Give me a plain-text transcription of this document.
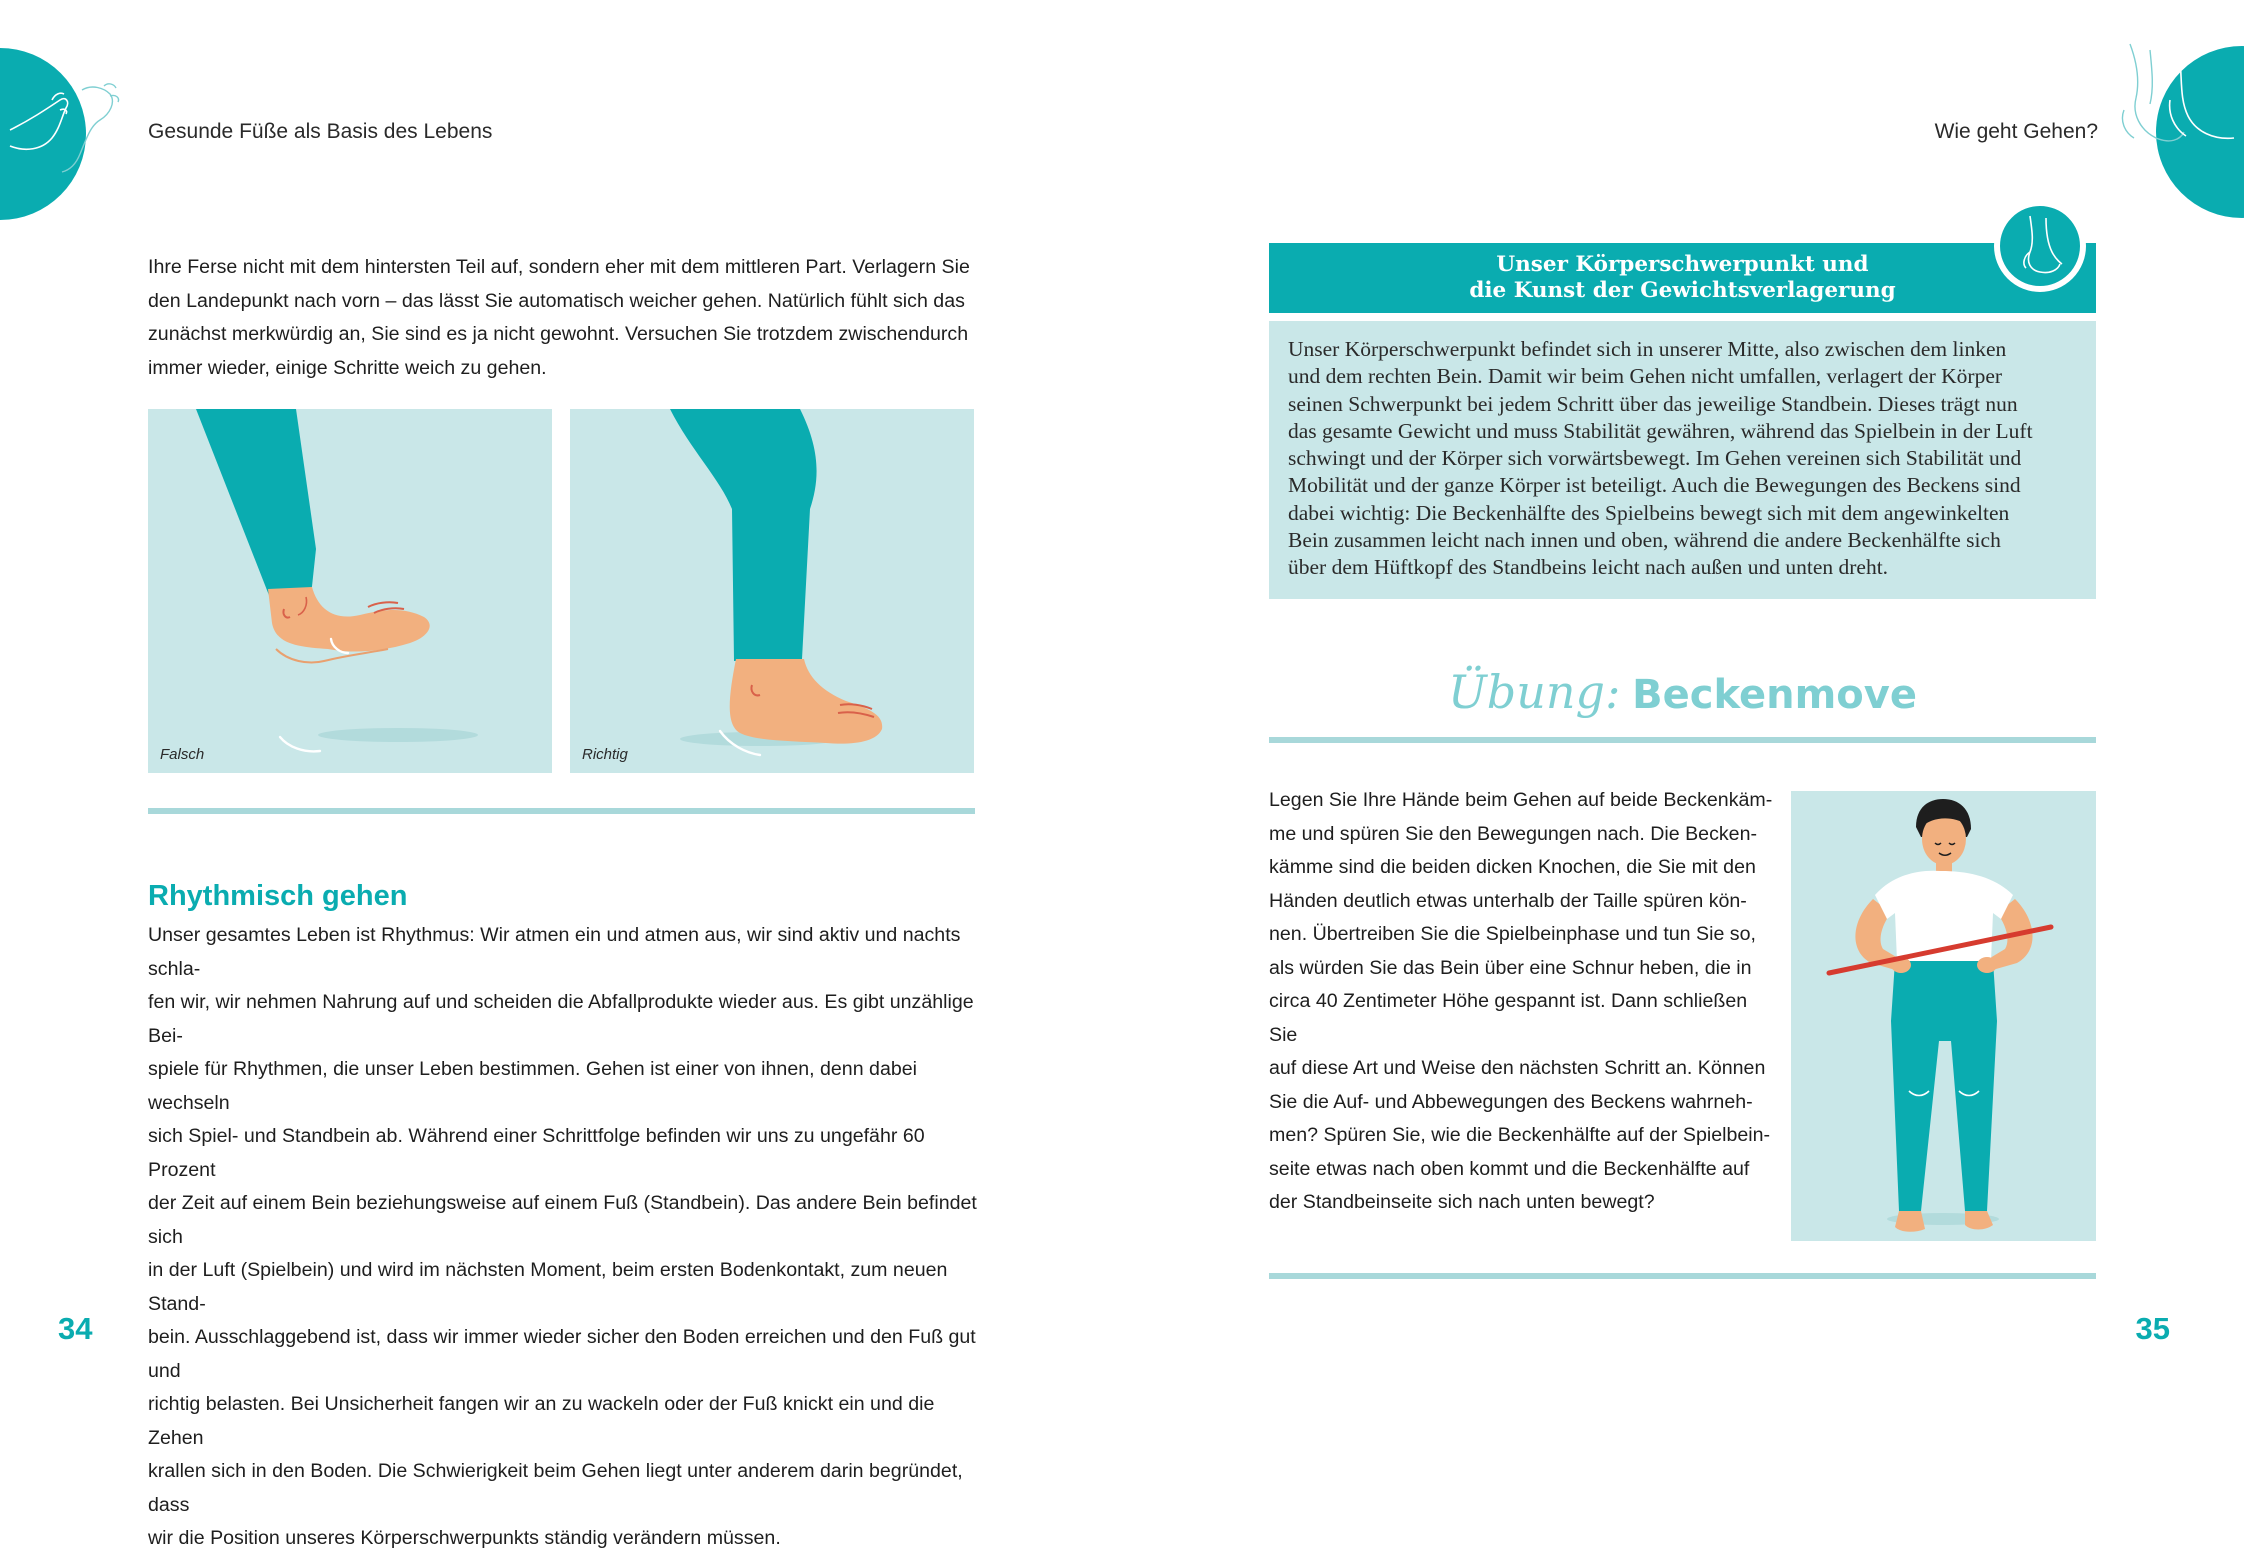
Gesunde Füße als Basis des Lebens	Wie geht Gehen?

Ihre Ferse nicht mit dem hintersten Teil auf, sondern eher mit dem mittleren Part. Verlagern Sie

den Landepunkt nach vorn – das lässt Sie automatisch weicher gehen. Natürlich fühlt sich das

zunächst merkwürdig an, Sie sind es ja nicht gewohnt. Versuchen Sie trotzdem zwischendurch

immer wieder, einige Schritte weich zu gehen.

Falsch	Richtig
Rhythmisch gehen

Unser gesamtes Leben ist Rhythmus: Wir atmen ein und atmen aus, wir sind aktiv und nachts schla-

fen wir, wir nehmen Nahrung auf und scheiden die Abfallprodukte wieder aus. Es gibt unzählige Bei-

spiele für Rhythmen, die unser Leben bestimmen. Gehen ist einer von ihnen, denn dabei wechseln

sich Spiel- und Standbein ab. Während einer Schrittfolge befinden wir uns zu ungefähr 60 Prozent

der Zeit auf einem Bein beziehungsweise auf einem Fuß (Standbein). Das andere Bein befindet sich

in der Luft (Spielbein) und wird im nächsten Moment, beim ersten Bodenkontakt, zum neuen Stand-

bein. Ausschlaggebend ist, dass wir immer wieder sicher den Boden erreichen und den Fuß gut und

richtig belasten. Bei Unsicherheit fangen wir an zu wackeln oder der Fuß knickt ein und die Zehen

krallen sich in den Boden. Die Schwierigkeit beim Gehen liegt unter anderem darin begründet, dass

wir die Position unseres Körperschwerpunkts ständig verändern müssen.

34
Unser Körperschwerpunkt und
die Kunst der Gewichtsverlagerung
Unser Körperschwerpunkt befindet sich in unserer Mitte, also zwischen dem linken
und dem rechten Bein. Damit wir beim Gehen nicht umfallen, verlagert der Körper
seinen Schwerpunkt bei jedem Schritt über das jeweilige Standbein. Dieses trägt nun
das gesamte Gewicht und muss Stabilität gewähren, während das Spielbein in der Luft
schwingt und der Körper sich vorwärtsbewegt. Im Gehen vereinen sich Stabilität und
Mobilität und der ganze Körper ist beteiligt. Auch die Bewegungen des Beckens sind
dabei wichtig: Die Beckenhälfte des Spielbeins bewegt sich mit dem angewinkelten
Bein zusammen leicht nach innen und oben, während die andere Beckenhälfte sich
über dem Hüftkopf des Standbeins leicht nach außen und unten dreht.
Übung: Beckenmove

Legen Sie Ihre Hände beim Gehen auf beide Beckenkäm-

me und spüren Sie den Bewegungen nach. Die Becken-

kämme sind die beiden dicken Knochen, die Sie mit den

Händen deutlich etwas unterhalb der Taille spüren kön-

nen. Übertreiben Sie die Spielbeinphase und tun Sie so,

als würden Sie das Bein über eine Schnur heben, die in

circa 40 Zentimeter Höhe gespannt ist. Dann schließen Sie

auf diese Art und Weise den nächsten Schritt an. Können

Sie die Auf- und Abbewegungen des Beckens wahrneh-

men? Spüren Sie, wie die Beckenhälfte auf der Spielbein-

seite etwas nach oben kommt und die Beckenhälfte auf

der Standbeinseite sich nach unten bewegt?

35
